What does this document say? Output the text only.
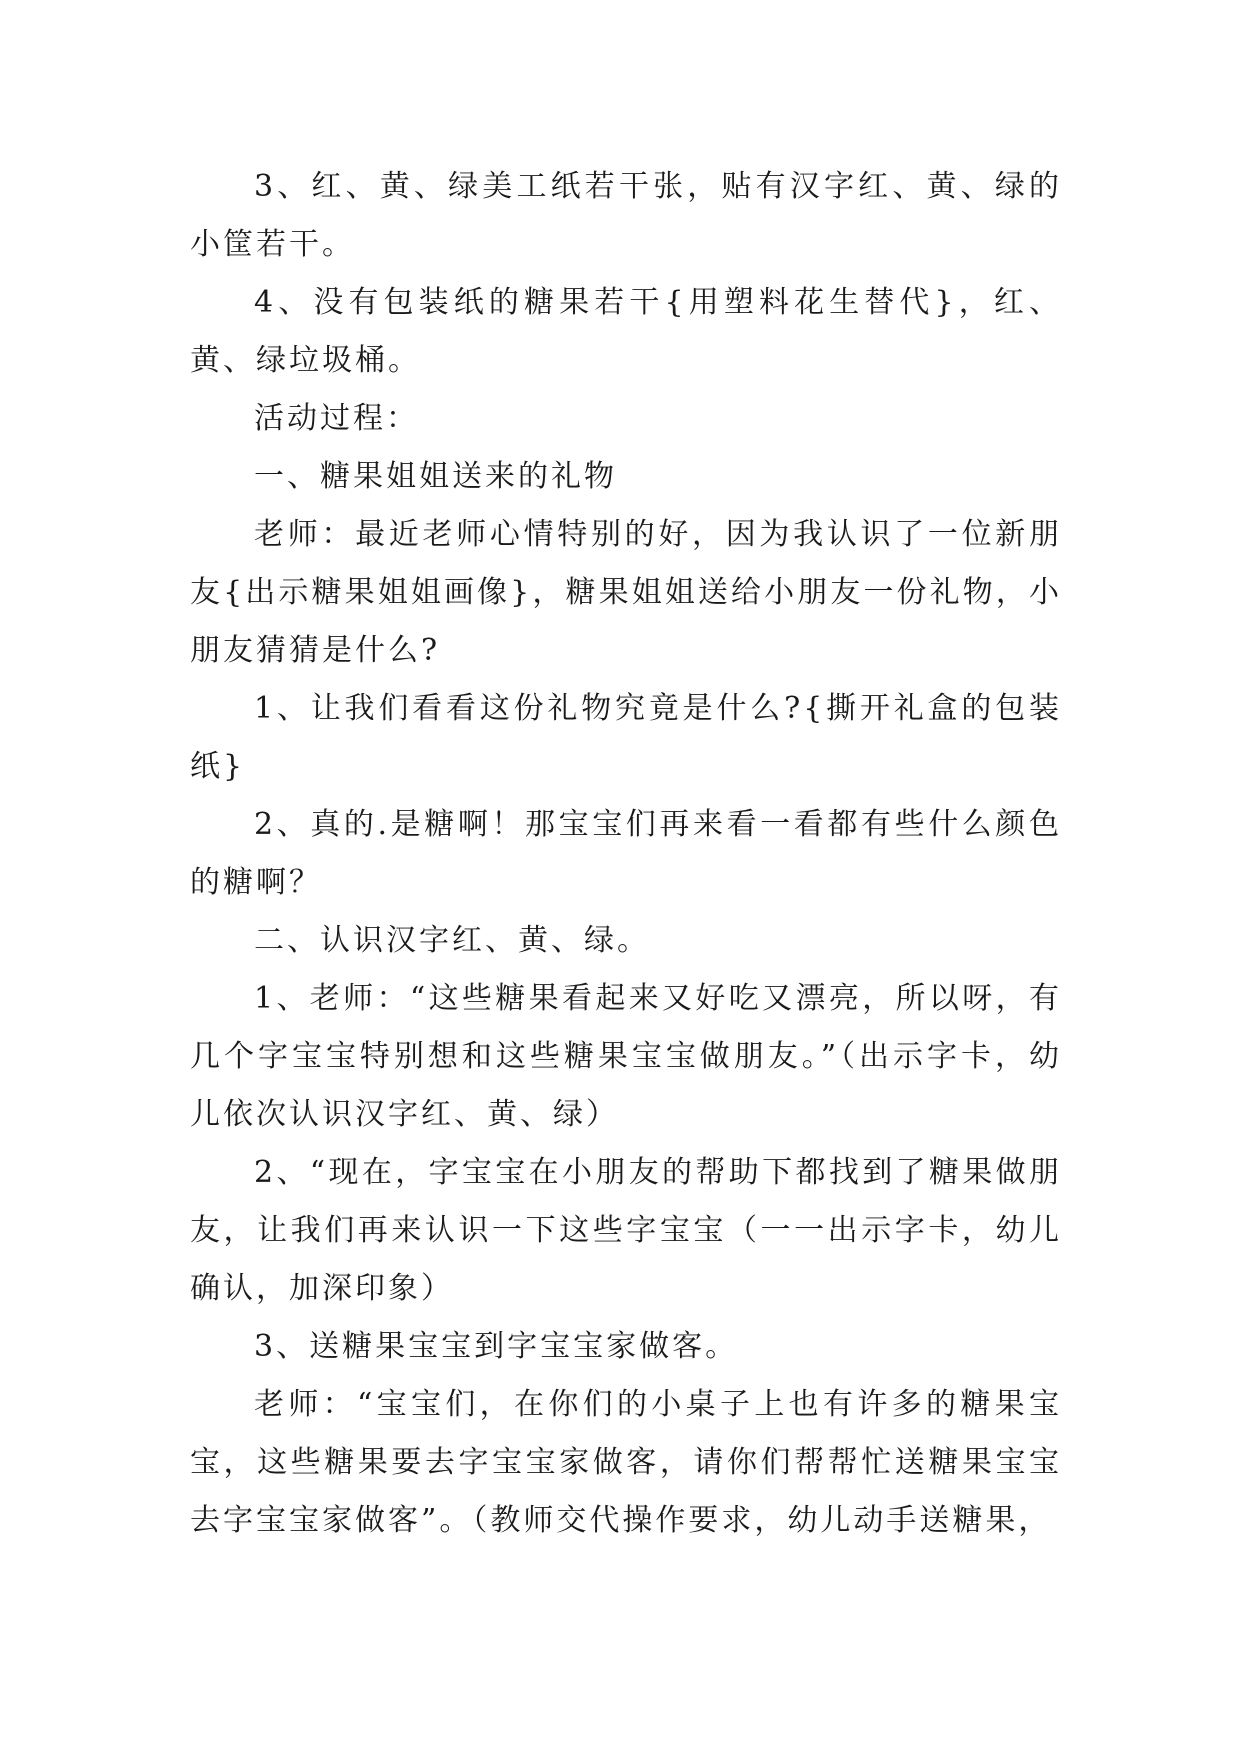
3、红、黄、绿美工纸若干张，贴有汉字红、黄、绿的小筐若干。

4、没有包装纸的糖果若干{用塑料花生替代}，红、黄、绿垃圾桶。

活动过程：

一、糖果姐姐送来的礼物

老师：最近老师心情特别的好，因为我认识了一位新朋友{出示糖果姐姐画像}，糖果姐姐送给小朋友一份礼物，小朋友猜猜是什么?

1、让我们看看这份礼物究竟是什么?{撕开礼盒的包装纸}

2、真的.是糖啊！那宝宝们再来看一看都有些什么颜色的糖啊？

二、认识汉字红、黄、绿。

1、老师：“这些糖果看起来又好吃又漂亮，所以呀，有几个字宝宝特别想和这些糖果宝宝做朋友。”（出示字卡，幼儿依次认识汉字红、黄、绿）

2、“现在，字宝宝在小朋友的帮助下都找到了糖果做朋友，让我们再来认识一下这些字宝宝（一一出示字卡，幼儿确认，加深印象）

3、送糖果宝宝到字宝宝家做客。

老师：“宝宝们，在你们的小桌子上也有许多的糖果宝宝，这些糖果要去字宝宝家做客，请你们帮帮忙送糖果宝宝去字宝宝家做客”。（教师交代操作要求，幼儿动手送糖果，
